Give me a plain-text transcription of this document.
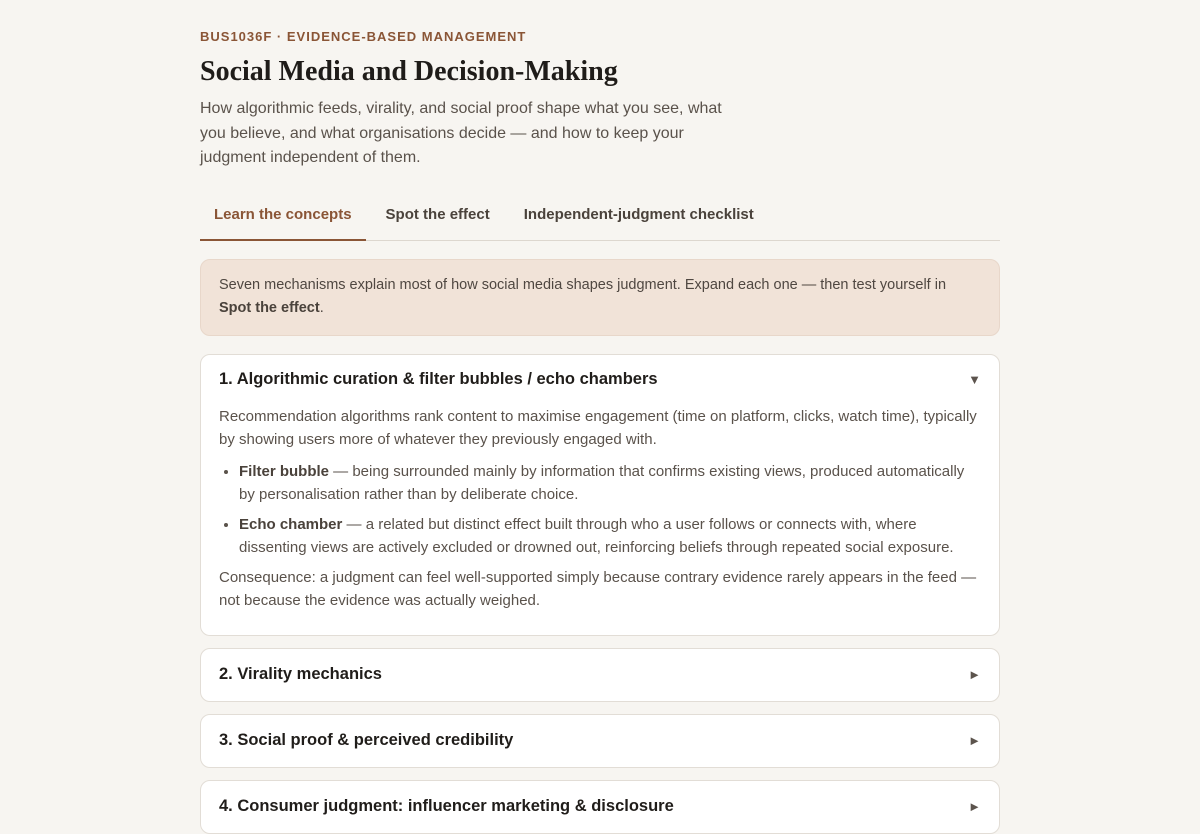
BUS1036F · EVIDENCE-BASED MANAGEMENT

Social Media and Decision-Making

How algorithmic feeds, virality, and social proof shape what you see, what you believe, and what organisations decide — and how to keep your judgment independent of them.

Learn the concepts	Spot the effect	Independent-judgment checklist
Seven mechanisms explain most of how social media shapes judgment. Expand each one — then test yourself in Spot the effect.
1. Algorithmic curation & filter bubbles / echo chambers	▼

Recommendation algorithms rank content to maximise engagement (time on platform, clicks, watch time), typically by showing users more of whatever they previously engaged with.

• Filter bubble — being surrounded mainly by information that confirms existing views, produced automatically by personalisation rather than by deliberate choice.
• Echo chamber — a related but distinct effect built through who a user follows or connects with, where dissenting views are actively excluded or drowned out, reinforcing beliefs through repeated social exposure.

Consequence: a judgment can feel well-supported simply because contrary evidence rarely appears in the feed — not because the evidence was actually weighed.

2. Virality mechanics	►
3. Social proof & perceived credibility	►
4. Consumer judgment: influencer marketing & disclosure	►
